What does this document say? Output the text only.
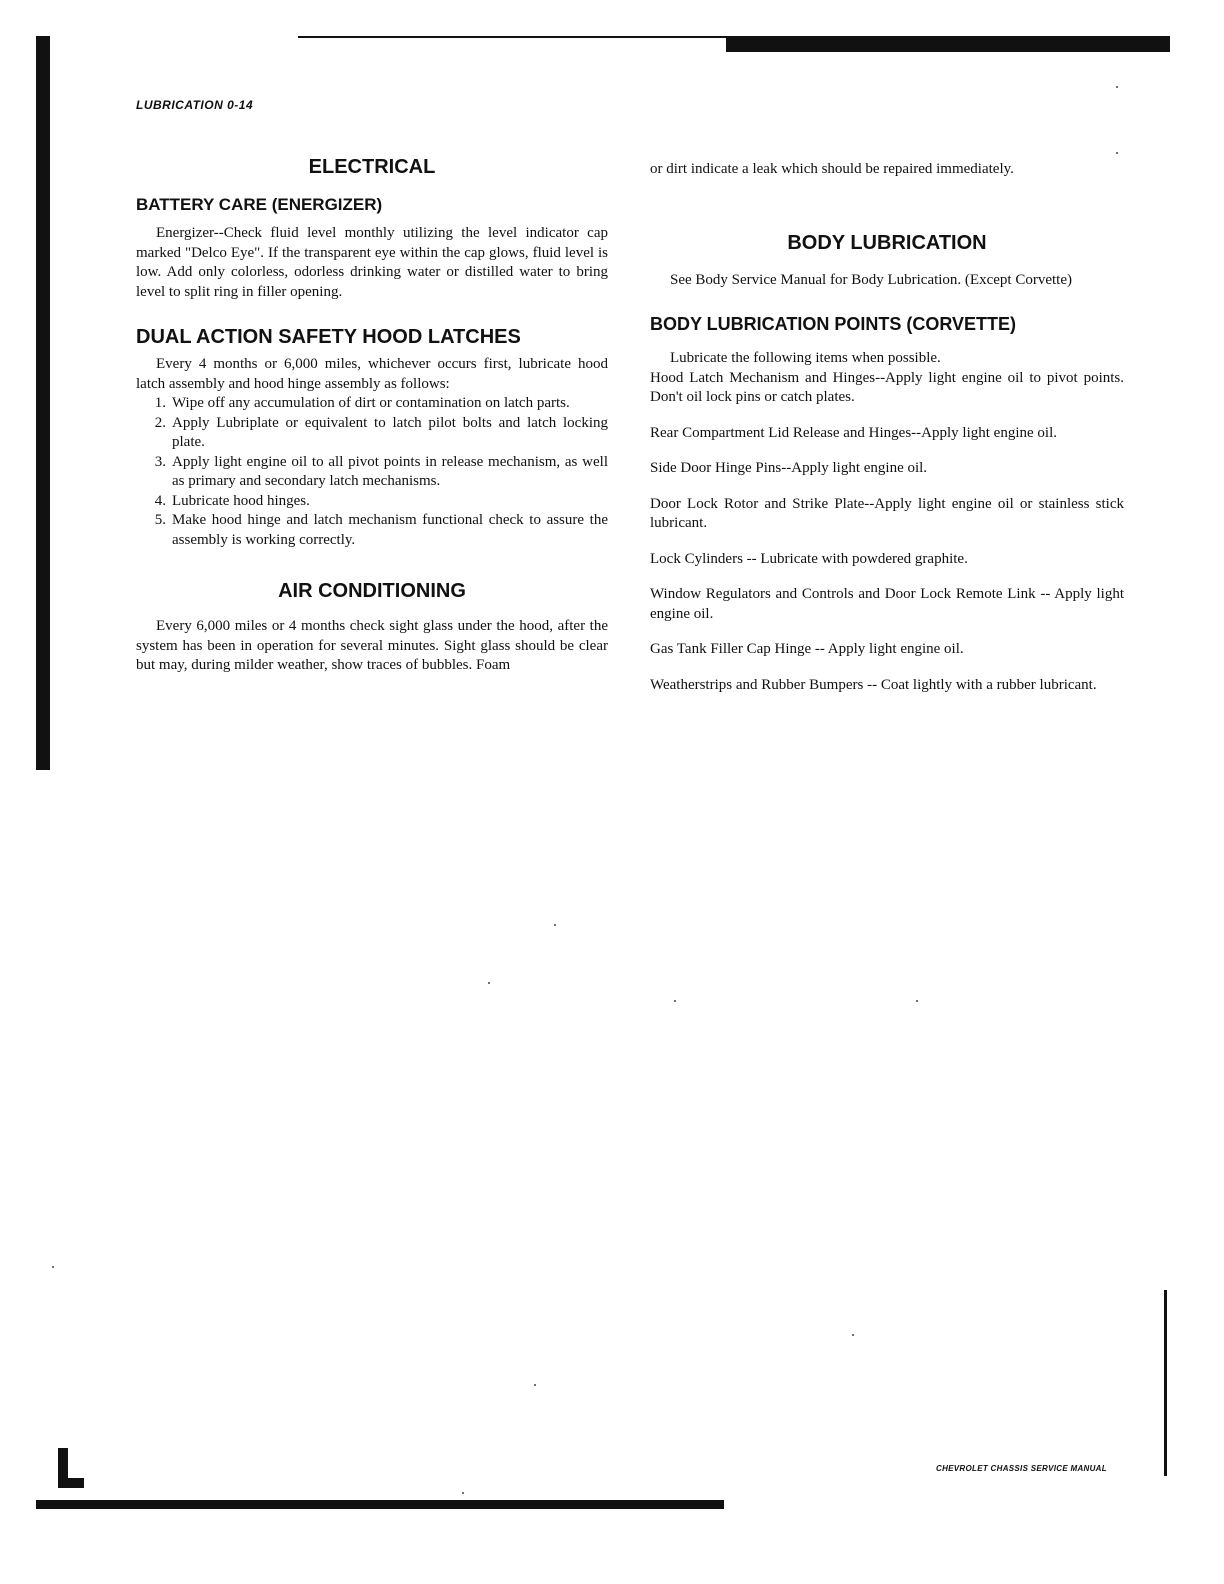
LUBRICATION 0-14
CHEVROLET CHASSIS SERVICE MANUAL
ELECTRICAL
BATTERY CARE (ENERGIZER)

Energizer--Check fluid level monthly utilizing the level indicator cap marked "Delco Eye". If the transparent eye within the cap glows, fluid level is low. Add only colorless, odorless drinking water or distilled water to bring level to split ring in filler opening.

DUAL ACTION SAFETY HOOD LATCHES

Every 4 months or 6,000 miles, whichever occurs first, lubricate hood latch assembly and hood hinge assembly as follows:

1. Wipe off any accumulation of dirt or contamination on latch parts.
2. Apply Lubriplate or equivalent to latch pilot bolts and latch locking plate.
3. Apply light engine oil to all pivot points in release mechanism, as well as primary and secondary latch mechanisms.
4. Lubricate hood hinges.
5. Make hood hinge and latch mechanism functional check to assure the assembly is working correctly.
AIR CONDITIONING

Every 6,000 miles or 4 months check sight glass under the hood, after the system has been in operation for several minutes. Sight glass should be clear but may, during milder weather, show traces of bubbles. Foam

or dirt indicate a leak which should be repaired immediately.

BODY LUBRICATION

See Body Service Manual for Body Lubrication. (Except Corvette)

BODY LUBRICATION POINTS (CORVETTE)

Lubricate the following items when possible.

Hood Latch Mechanism and Hinges--Apply light engine oil to pivot points. Don't oil lock pins or catch plates.

Rear Compartment Lid Release and Hinges--Apply light engine oil.

Side Door Hinge Pins--Apply light engine oil.

Door Lock Rotor and Strike Plate--Apply light engine oil or stainless stick lubricant.

Lock Cylinders -- Lubricate with powdered graphite.

Window Regulators and Controls and Door Lock Remote Link -- Apply light engine oil.

Gas Tank Filler Cap Hinge -- Apply light engine oil.

Weatherstrips and Rubber Bumpers -- Coat lightly with a rubber lubricant.
